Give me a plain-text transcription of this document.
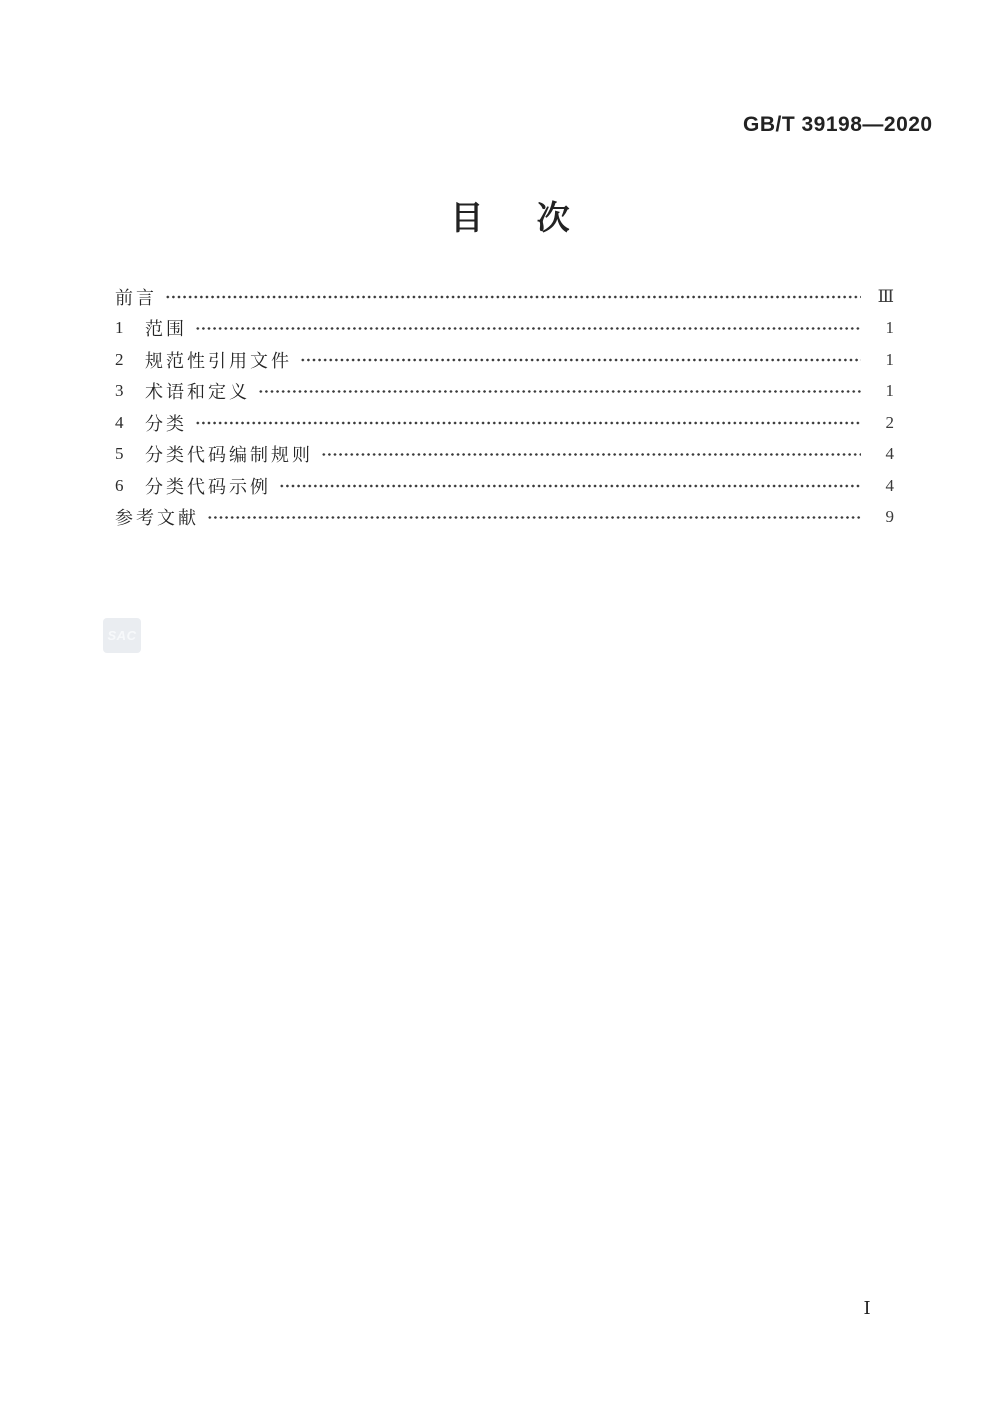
GB/T 39198—2020
目 次
前言	Ⅲ
1 范围	1
2 规范性引用文件	1
3 术语和定义	1
4 分类	2
5 分类代码编制规则	4
6 分类代码示例	4
参考文献	9
SAC
Ⅰ
